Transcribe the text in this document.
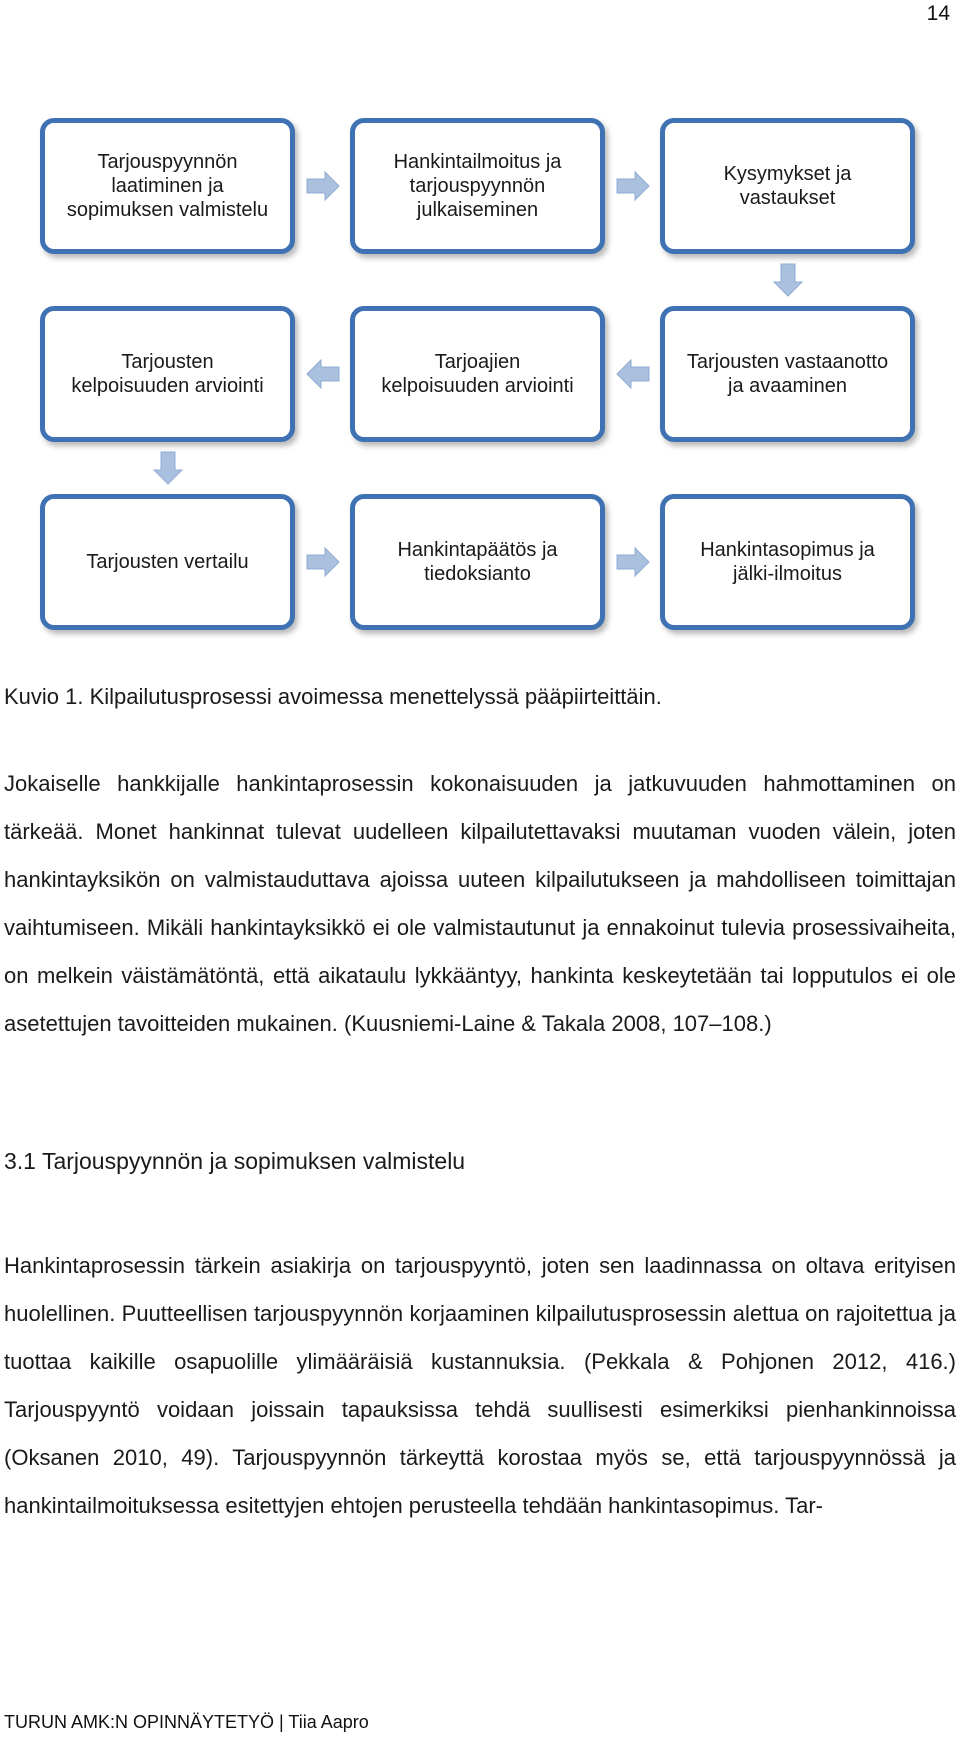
14
Tarjouspyynnön
laatiminen ja
sopimuksen valmistelu
Hankintailmoitus ja
tarjouspyynnön
julkaiseminen
Kysymykset ja
vastaukset
Tarjousten vastaanotto
ja avaaminen
Tarjoajien
kelpoisuuden arviointi
Tarjousten
kelpoisuuden arviointi
Tarjousten vertailu
Hankintapäätös ja
tiedoksianto
Hankintasopimus ja
jälki-ilmoitus
Kuvio 1. Kilpailutusprosessi avoimessa menettelyssä pääpiirteittäin.

Jokaiselle hankkijalle hankintaprosessin kokonaisuuden ja jatkuvuuden hahmottaminen on tärkeää. Monet hankinnat tulevat uudelleen kilpailutettavaksi muutaman vuoden välein, joten hankintayksikön on valmistauduttava ajoissa uuteen kilpailutukseen ja mahdolliseen toimittajan vaihtumiseen. Mikäli hankintayksikkö ei ole valmistautunut ja ennakoinut tulevia prosessivaiheita, on melkein väistämätöntä, että aikataulu lykkääntyy, hankinta keskeytetään tai lopputulos ei ole asetettujen tavoitteiden mukainen. (Kuusniemi-Laine & Takala 2008, 107–108.)

3.1 Tarjouspyynnön ja sopimuksen valmistelu

Hankintaprosessin tärkein asiakirja on tarjouspyyntö, joten sen laadinnassa on oltava erityisen huolellinen. Puutteellisen tarjouspyynnön korjaaminen kilpailutusprosessin alettua on rajoitettua ja tuottaa kaikille osapuolille ylimääräisiä kustannuksia. (Pekkala & Pohjonen 2012, 416.) Tarjouspyyntö voidaan joissain tapauksissa tehdä suullisesti esimerkiksi pienhankinnoissa (Oksanen 2010, 49). Tarjouspyynnön tärkeyttä korostaa myös se, että tarjouspyynnössä ja hankintailmoituksessa esitettyjen ehtojen perusteella tehdään hankintasopimus. Tar-

TURUN AMK:N OPINNÄYTETYÖ | Tiia Aapro
